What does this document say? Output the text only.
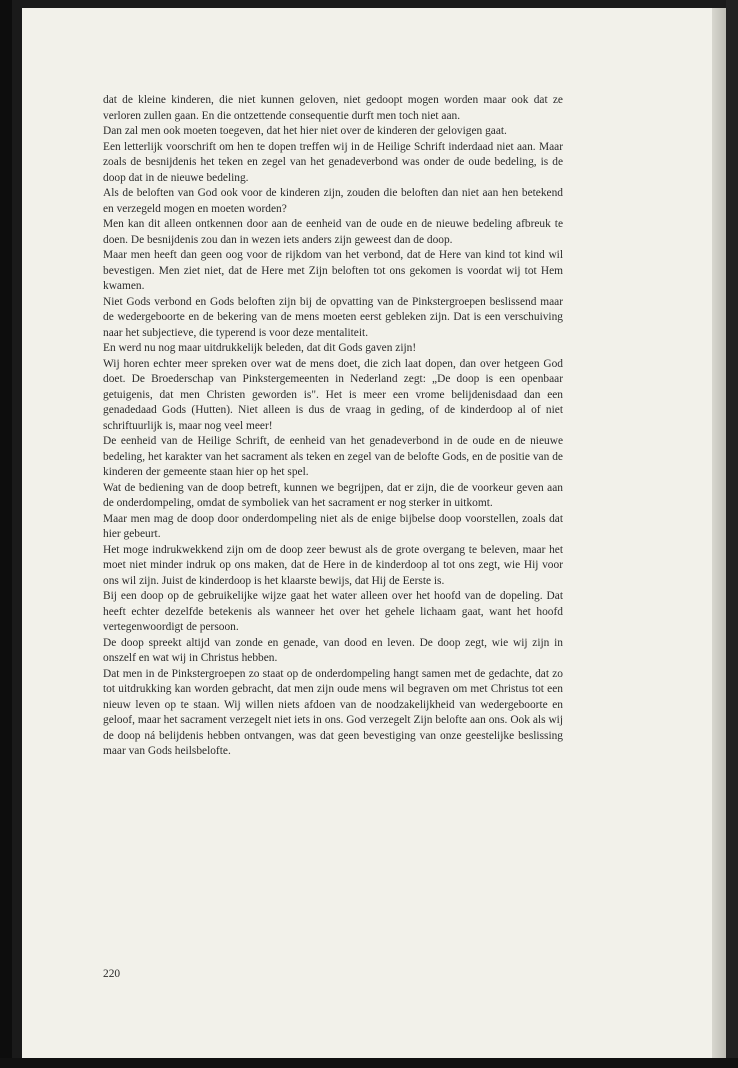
dat de kleine kinderen, die niet kunnen geloven, niet gedoopt mogen worden maar ook dat ze verloren zullen gaan. En die ontzettende consequentie durft men toch niet aan.

Dan zal men ook moeten toegeven, dat het hier niet over de kinderen der gelovigen gaat.

Een letterlijk voorschrift om hen te dopen treffen wij in de Heilige Schrift inderdaad niet aan. Maar zoals de besnijdenis het teken en zegel van het genadeverbond was onder de oude bedeling, is de doop dat in de nieuwe bedeling.

Als de beloften van God ook voor de kinderen zijn, zouden die beloften dan niet aan hen betekend en verzegeld mogen en moeten worden?

Men kan dit alleen ontkennen door aan de eenheid van de oude en de nieuwe bedeling afbreuk te doen. De besnijdenis zou dan in wezen iets anders zijn geweest dan de doop.

Maar men heeft dan geen oog voor de rijkdom van het verbond, dat de Here van kind tot kind wil bevestigen. Men ziet niet, dat de Here met Zijn beloften tot ons gekomen is voordat wij tot Hem kwamen.

Niet Gods verbond en Gods beloften zijn bij de opvatting van de Pinkstergroepen beslissend maar de wedergeboorte en de bekering van de mens moeten eerst gebleken zijn. Dat is een verschuiving naar het subjectieve, die typerend is voor deze mentaliteit.

En werd nu nog maar uitdrukkelijk beleden, dat dit Gods gaven zijn!

Wij horen echter meer spreken over wat de mens doet, die zich laat dopen, dan over hetgeen God doet. De Broederschap van Pinkstergemeenten in Nederland zegt: „De doop is een openbaar getuigenis, dat men Christen geworden is". Het is meer een vrome belijdenisdaad dan een genadedaad Gods (Hutten). Niet alleen is dus de vraag in geding, of de kinderdoop al of niet schriftuurlijk is, maar nog veel meer!

De eenheid van de Heilige Schrift, de eenheid van het genadeverbond in de oude en de nieuwe bedeling, het karakter van het sacrament als teken en zegel van de belofte Gods, en de positie van de kinderen der gemeente staan hier op het spel.

Wat de bediening van de doop betreft, kunnen we begrijpen, dat er zijn, die de voorkeur geven aan de onderdompeling, omdat de symboliek van het sacrament er nog sterker in uitkomt.

Maar men mag de doop door onderdompeling niet als de enige bijbelse doop voorstellen, zoals dat hier gebeurt.

Het moge indrukwekkend zijn om de doop zeer bewust als de grote overgang te beleven, maar het moet niet minder indruk op ons maken, dat de Here in de kinderdoop al tot ons zegt, wie Hij voor ons wil zijn. Juist de kinderdoop is het klaarste bewijs, dat Hij de Eerste is.

Bij een doop op de gebruikelijke wijze gaat het water alleen over het hoofd van de dopeling. Dat heeft echter dezelfde betekenis als wanneer het over het gehele lichaam gaat, want het hoofd vertegenwoordigt de persoon.

De doop spreekt altijd van zonde en genade, van dood en leven. De doop zegt, wie wij zijn in onszelf en wat wij in Christus hebben.

Dat men in de Pinkstergroepen zo staat op de onderdompeling hangt samen met de gedachte, dat zo tot uitdrukking kan worden gebracht, dat men zijn oude mens wil begraven om met Christus tot een nieuw leven op te staan. Wij willen niets afdoen van de noodzakelijkheid van wedergeboorte en geloof, maar het sacrament verzegelt niet iets in ons. God verzegelt Zijn belofte aan ons. Ook als wij de doop ná belijdenis hebben ontvangen, was dat geen bevestiging van onze geestelijke beslissing maar van Gods heilsbelofte.

220
